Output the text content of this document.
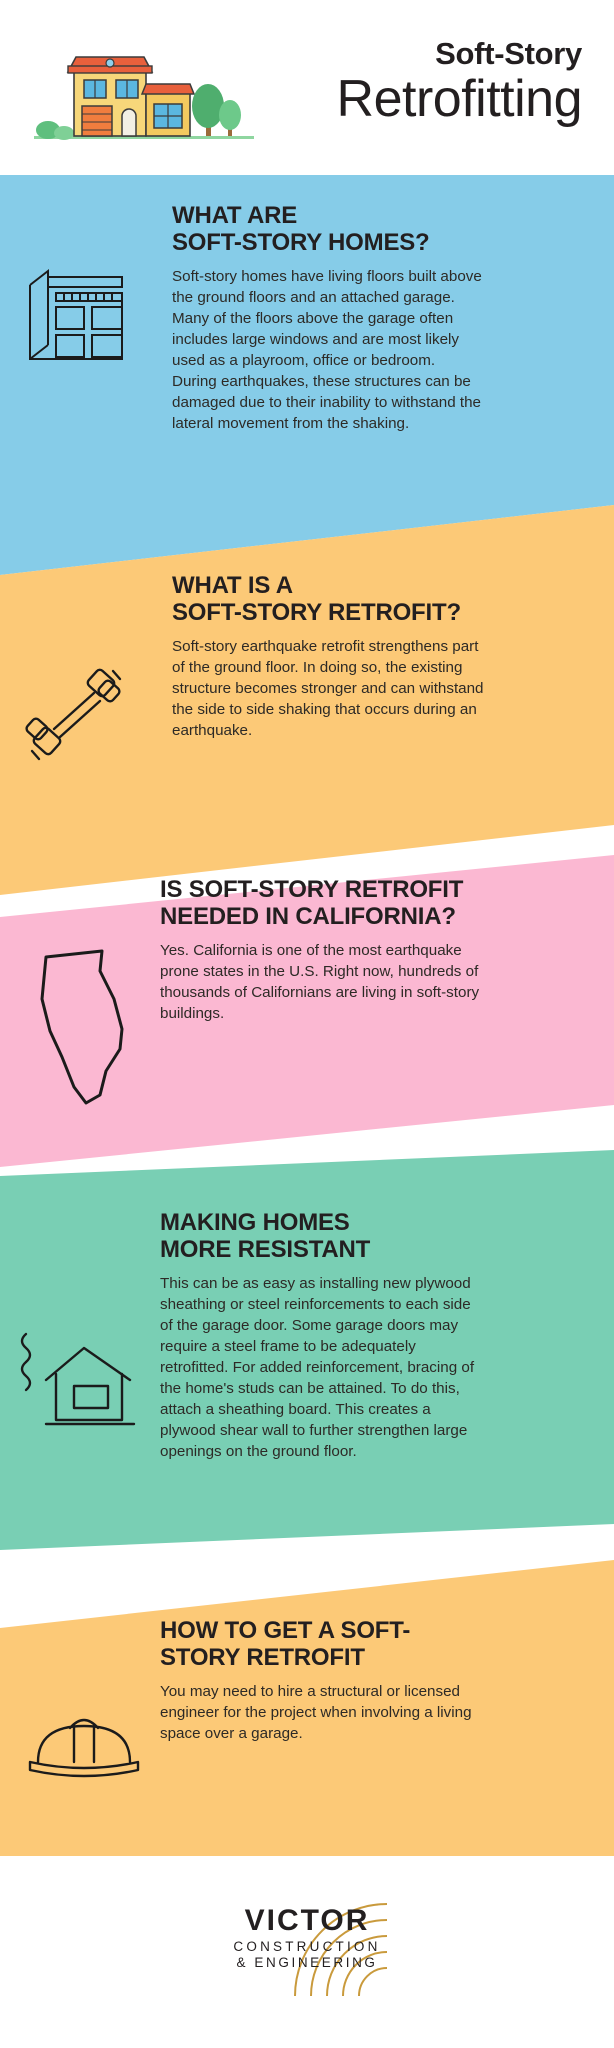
Soft-Story
Retrofitting
WHAT ARE
SOFT-STORY HOMES?
Soft-story homes have living floors built above the ground floors and an attached garage. Many of the floors above the garage often includes large windows and are most likely used as a playroom, office or bedroom. During earthquakes, these structures can be damaged due to their inability to withstand the lateral movement from the shaking.
WHAT IS A
SOFT-STORY RETROFIT?
Soft-story earthquake retrofit strengthens part of the ground floor. In doing so, the existing structure becomes stronger and can withstand the side to side shaking that occurs during an earthquake.
IS SOFT-STORY RETROFIT
NEEDED IN CALIFORNIA?
Yes. California is one of the most earthquake prone states in the U.S. Right now, hundreds of thousands of Californians are living in soft-story buildings.
MAKING HOMES
MORE RESISTANT
This can be as easy as installing new plywood sheathing or steel reinforcements to each side of the garage door. Some garage doors may require a steel frame to be adequately retrofitted. For added reinforcement, bracing of the home's studs can be attained. To do this, attach a sheathing board. This creates a plywood shear wall to further strengthen large openings on the ground floor.
HOW TO GET A SOFT-
STORY RETROFIT
You may need to hire a structural or licensed engineer for the project when involving a living space over a garage.
VICTOR
CONSTRUCTION
& ENGINEERING
